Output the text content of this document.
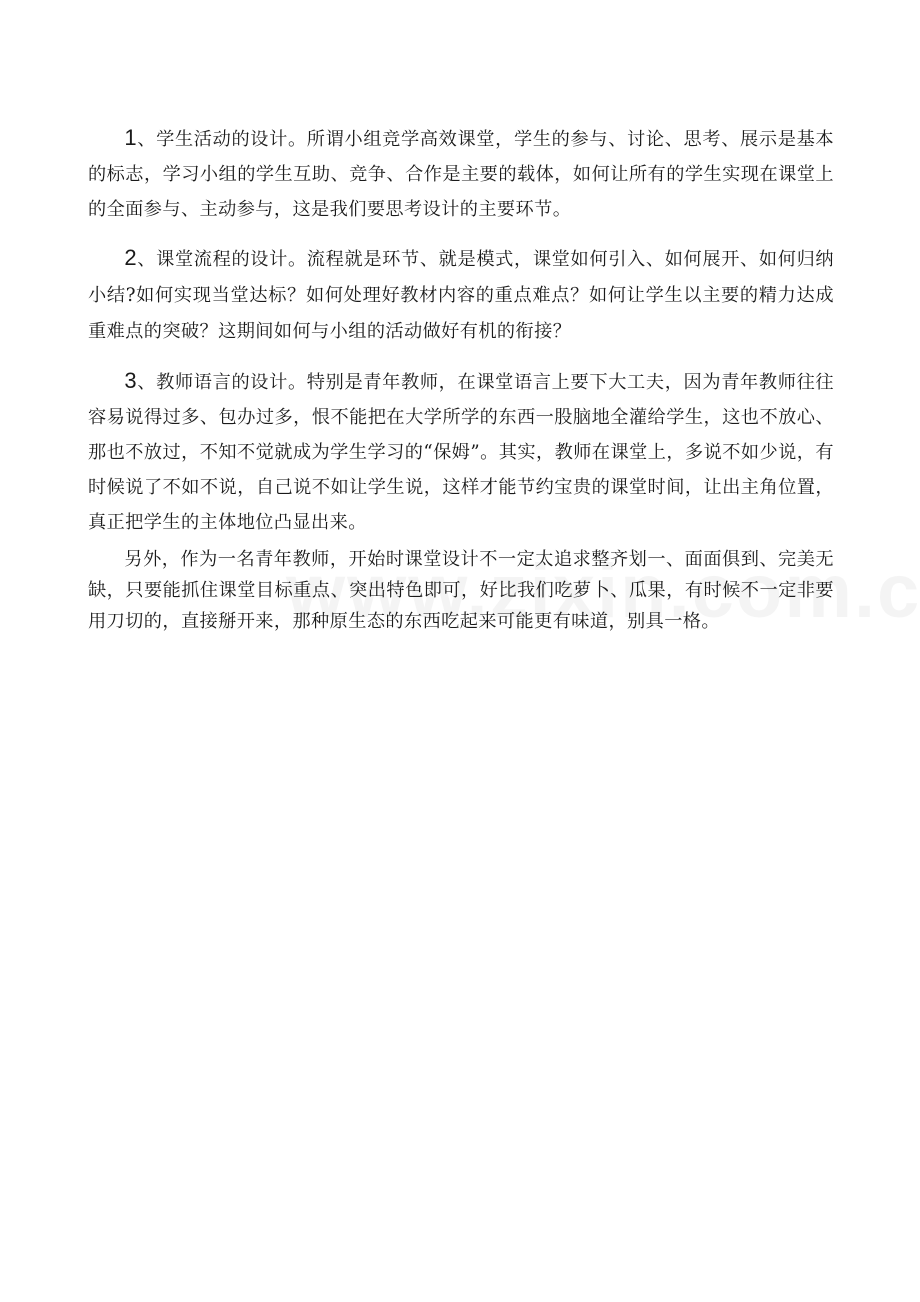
1、学生活动的设计。所谓小组竞学高效课堂，学生的参与、讨论、思考、展示是基本的标志，学习小组的学生互助、竞争、合作是主要的载体，如何让所有的学生实现在课堂上的全面参与、主动参与，这是我们要思考设计的主要环节。

2、课堂流程的设计。流程就是环节、就是模式，课堂如何引入、如何展开、如何归纳小结?如何实现当堂达标？如何处理好教材内容的重点难点？如何让学生以主要的精力达成重难点的突破？这期间如何与小组的活动做好有机的衔接？

3、教师语言的设计。特别是青年教师，在课堂语言上要下大工夫，因为青年教师往往容易说得过多、包办过多，恨不能把在大学所学的东西一股脑地全灌给学生，这也不放心、那也不放过，不知不觉就成为学生学习的“保姆”。其实，教师在课堂上，多说不如少说，有时候说了不如不说，自己说不如让学生说，这样才能节约宝贵的课堂时间，让出主角位置，真正把学生的主体地位凸显出来。

另外，作为一名青年教师，开始时课堂设计不一定太追求整齐划一、面面俱到、完美无缺，只要能抓住课堂目标重点、突出特色即可，好比我们吃萝卜、瓜果，有时候不一定非要用刀切的，直接掰开来，那种原生态的东西吃起来可能更有味道，别具一格。
